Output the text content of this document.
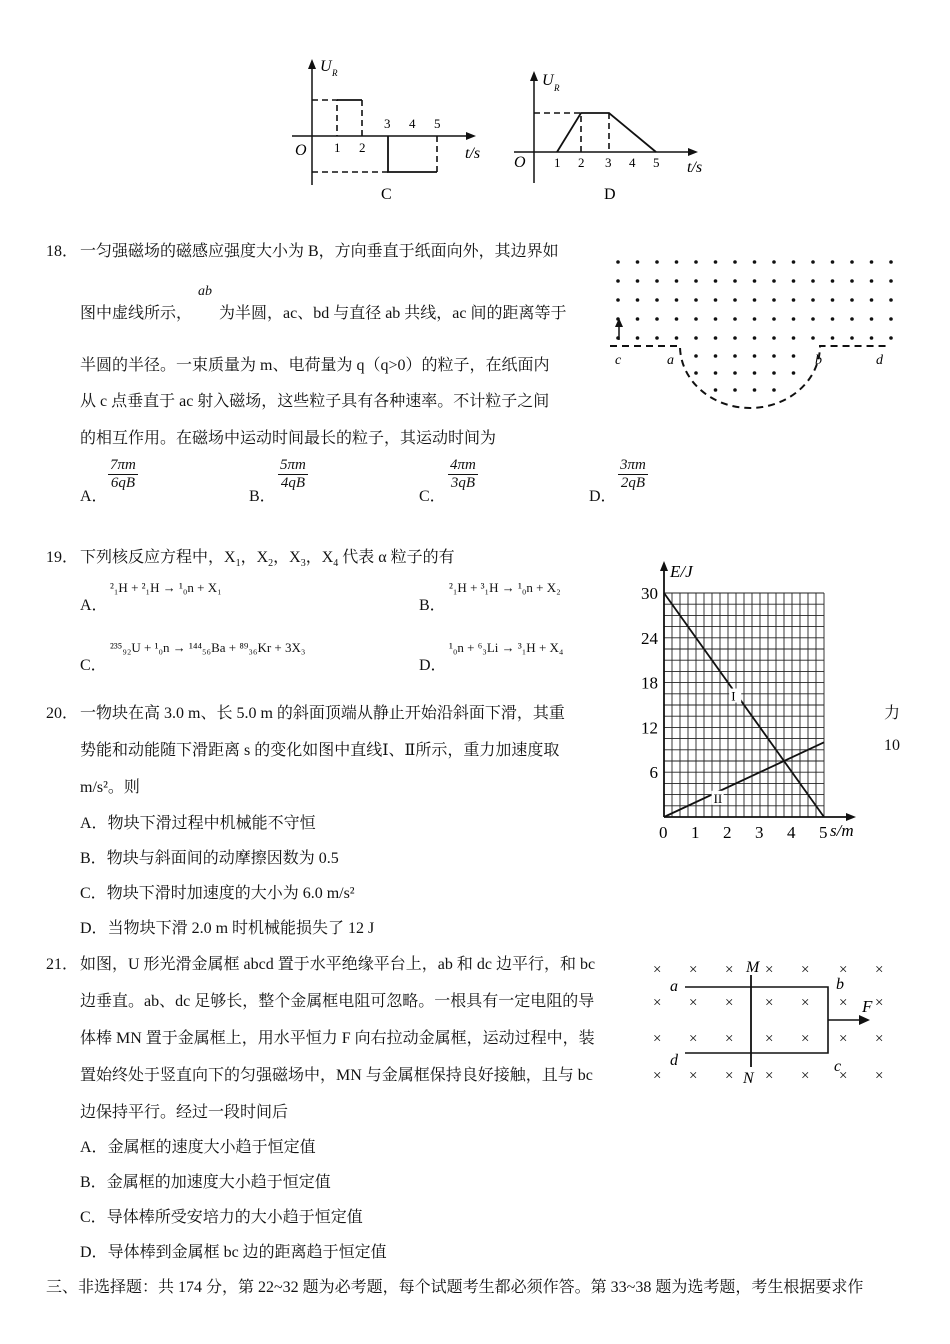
U R
O 1 2
3 4 5
t/s
C
U R
O 1 2 3 4 5 t/s
D
18． 一匀强磁场的磁感应强度大小为 B，方向垂直于纸面向外，其边界如
图中虚线所示，
ab
为半圆，ac、bd 与直径 ab 共线，ac 间的距离等于
半圆的半径。一束质量为 m、电荷量为 q（q>0）的粒子，在纸面内
从 c 点垂直于 ac 射入磁场，这些粒子具有各种速率。不计粒子之间
的相互作用。在磁场中运动时间最长的粒子，其运动时间为
A．
$\frac{7\pi m}{6qB}$
B．
$\frac{5\pi m}{4qB}$
C．
$\frac{4\pi m}{3qB}$
D．
$\frac{3\pi m}{2qB}$
c	a	b	d
19． 下列核反应方程中，$X_1$，$X_2$，$X_3$，$X_4$ 代表 α 粒子的有
A．
²₁H + ²₁H → ¹₀n + X₁
B．
²₁H + ³₁H → ¹₀n + X₂
C．
²³⁵₉₂U + ¹₀n → ¹⁴⁴₅₆Ba + ⁸⁹₃₆Kr + 3X₃
D．
¹₀n + ⁶₃Li → ³₁H + X₄
0 1 2 3 4 5
6
12
18
24
30
I
II
E/J
s/m
20． 一物块在高 3.0 m、长 5.0 m 的斜面顶端从静止开始沿斜面下滑，其重	力
势能和动能随下滑距离 s 的变化如图中直线Ⅰ、Ⅱ所示，重力加速度取	10
m/s²。则
A．物块下滑过程中机械能不守恒
B．物块与斜面间的动摩擦因数为 0.5
C．物块下滑时加速度的大小为 6.0 m/s²
D．当物块下滑 2.0 m 时机械能损失了 12 J
21． 如图，U 形光滑金属框 abcd 置于水平绝缘平台上，ab 和 dc 边平行，和 bc
边垂直。ab、dc 足够长，整个金属框电阻可忽略。一根具有一定电阻的导
体棒 MN 置于金属框上，用水平恒力 F 向右拉动金属框，运动过程中，装
置始终处于竖直向下的匀强磁场中，MN 与金属框保持良好接触，且与 bc
边保持平行。经过一段时间后
A．金属框的速度大小趋于恒定值
B．金属框的加速度大小趋于恒定值
C．导体棒所受安培力的大小趋于恒定值
D．导体棒到金属框 bc 边的距离趋于恒定值
× × × × × × ×
× × × × × × ×
× × × × × × ×
× × × × × × ×
M
N
a	b
c
d
F
三、非选择题：共 174 分，第 22~32 题为必考题，每个试题考生都必须作答。第 33~38 题为选考题，考生根据要求作
